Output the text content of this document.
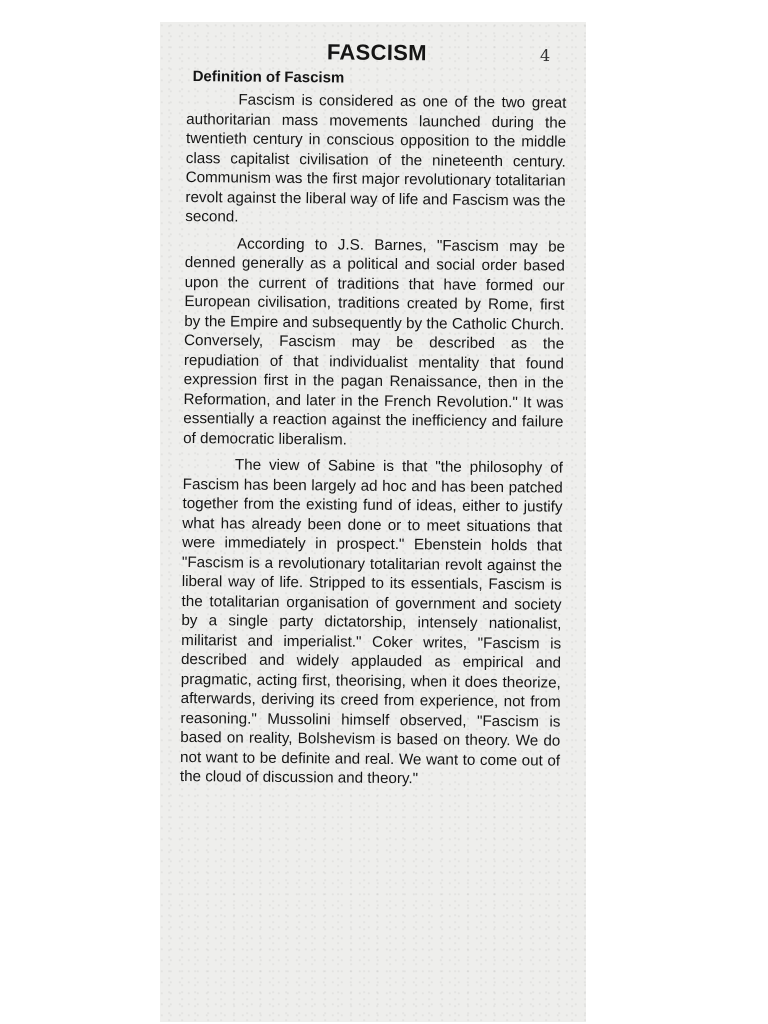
4
FASCISM
Definition of Fascism

Fascism is considered as one of the two great authoritarian mass movements launched during the twentieth century in conscious opposition to the middle class capitalist civilisation of the nineteenth century. Communism was the first major revolutionary totalitarian revolt against the liberal way of life and Fascism was the second.

According to J.S. Barnes, "Fascism may be denned generally as a political and social order based upon the current of traditions that have formed our European civilisation, traditions created by Rome, first by the Empire and subsequently by the Catholic Church. Conversely, Fascism may be described as the repudiation of that individualist mentality that found expression first in the pagan Renaissance, then in the Reformation, and later in the French Revolution." It was essentially a reaction against the inefficiency and failure of democratic liberalism.

The view of Sabine is that "the philosophy of Fascism has been largely ad hoc and has been patched together from the existing fund of ideas, either to justify what has already been done or to meet situations that were immediately in prospect." Ebenstein holds that "Fascism is a revolutionary totalitarian revolt against the liberal way of life. Stripped to its essentials, Fascism is the totalitarian organisation of government and society by a single party dictatorship, intensely nationalist, militarist and imperialist." Coker writes, "Fascism is described and widely applauded as empirical and pragmatic, acting first, theorising, when it does theorize, afterwards, deriving its creed from experience, not from reasoning." Mussolini himself observed, "Fascism is based on reality, Bolshevism is based on theory. We do not want to be definite and real. We want to come out of the cloud of discussion and theory."
